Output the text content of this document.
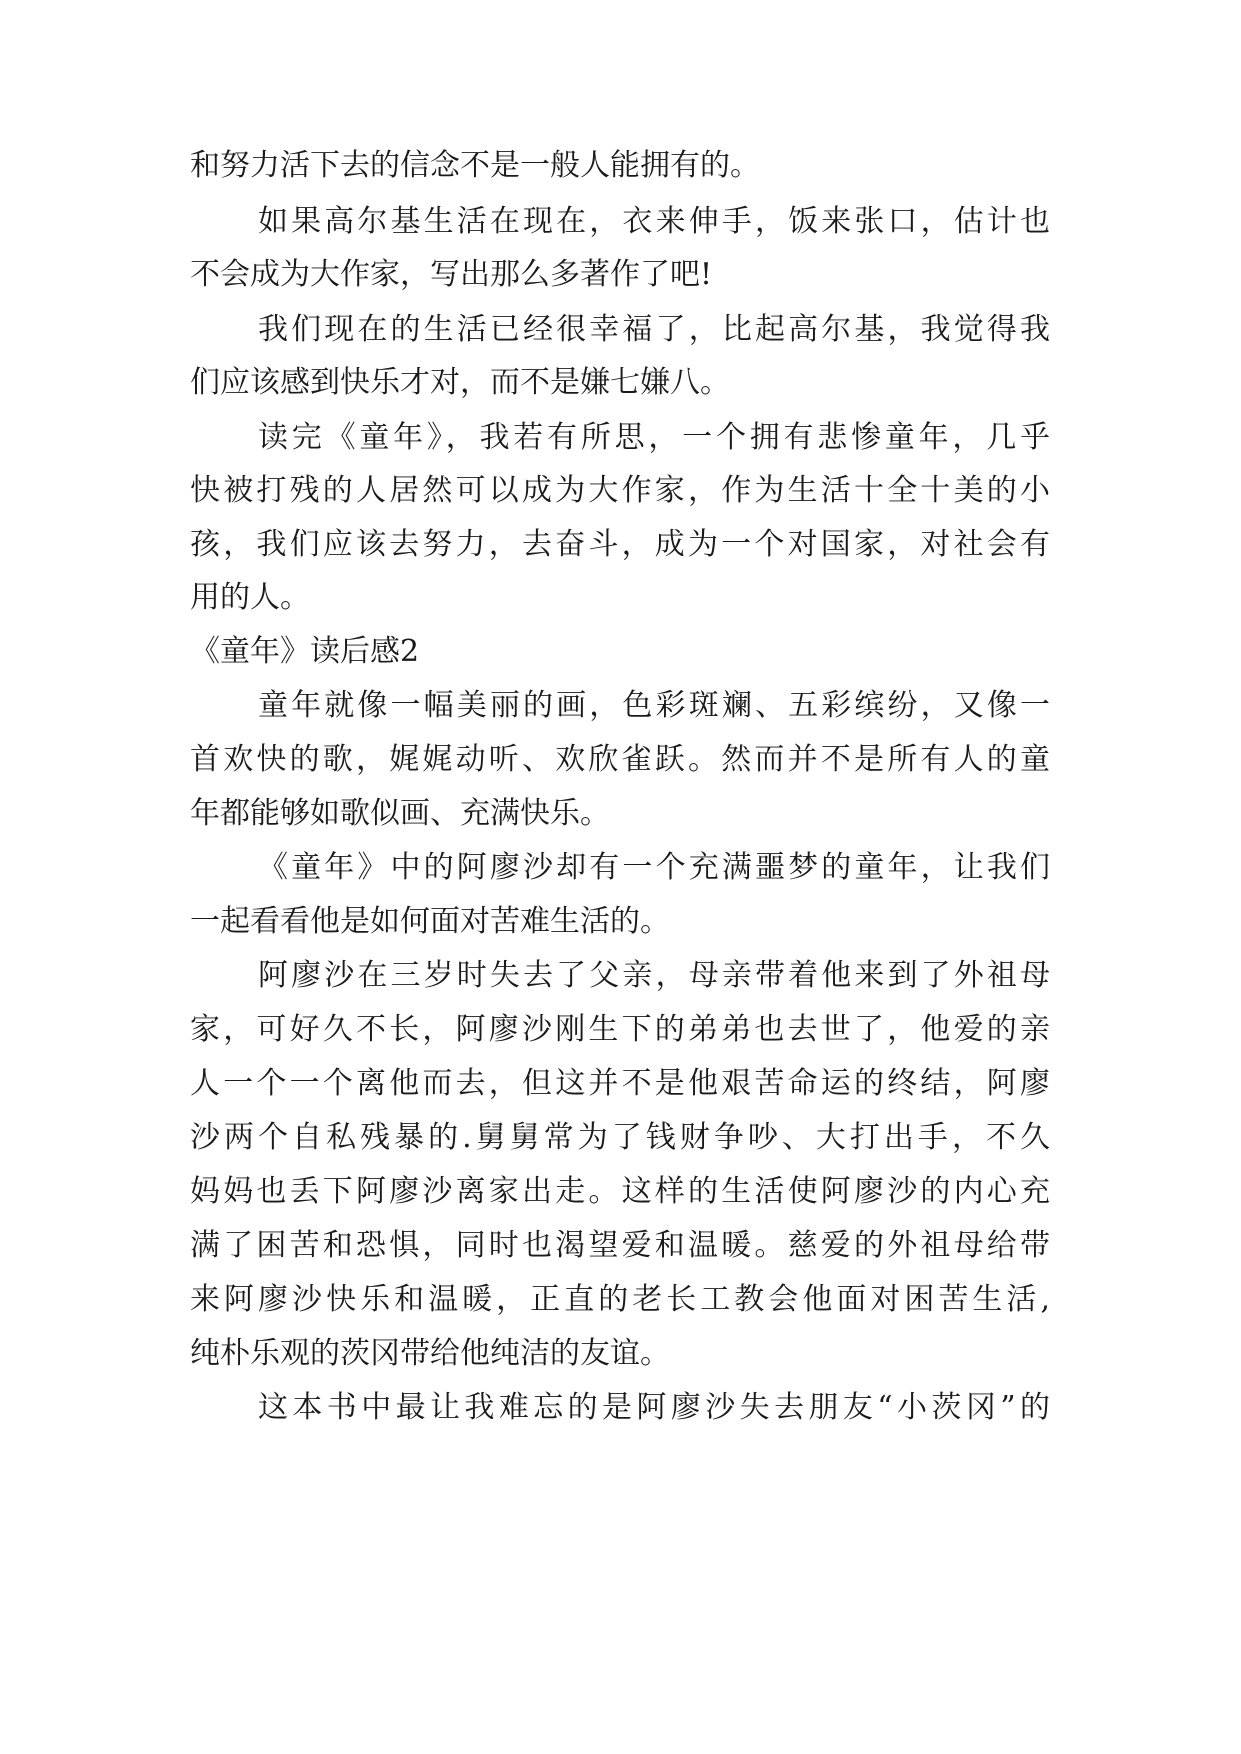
和努力活下去的信念不是一般人能拥有的。
如果高尔基生活在现在，衣来伸手，饭来张口，估计也
不会成为大作家，写出那么多著作了吧!
我们现在的生活已经很幸福了，比起高尔基，我觉得我
们应该感到快乐才对，而不是嫌七嫌八。
读完《童年》，我若有所思，一个拥有悲惨童年，几乎
快被打残的人居然可以成为大作家，作为生活十全十美的小
孩，我们应该去努力，去奋斗，成为一个对国家，对社会有
用的人。
《童年》读后感2
童年就像一幅美丽的画，色彩斑斓、五彩缤纷，又像一
首欢快的歌，娓娓动听、欢欣雀跃。然而并不是所有人的童
年都能够如歌似画、充满快乐。
《童年》中的阿廖沙却有一个充满噩梦的童年，让我们
一起看看他是如何面对苦难生活的。
阿廖沙在三岁时失去了父亲，母亲带着他来到了外祖母
家，可好久不长，阿廖沙刚生下的弟弟也去世了，他爱的亲
人一个一个离他而去，但这并不是他艰苦命运的终结，阿廖
沙两个自私残暴的.舅舅常为了钱财争吵、大打出手，不久
妈妈也丢下阿廖沙离家出走。这样的生活使阿廖沙的内心充
满了困苦和恐惧，同时也渴望爱和温暖。慈爱的外祖母给带
来阿廖沙快乐和温暖，正直的老长工教会他面对困苦生活,
纯朴乐观的茨冈带给他纯洁的友谊。
这本书中最让我难忘的是阿廖沙失去朋友“小茨冈”的
